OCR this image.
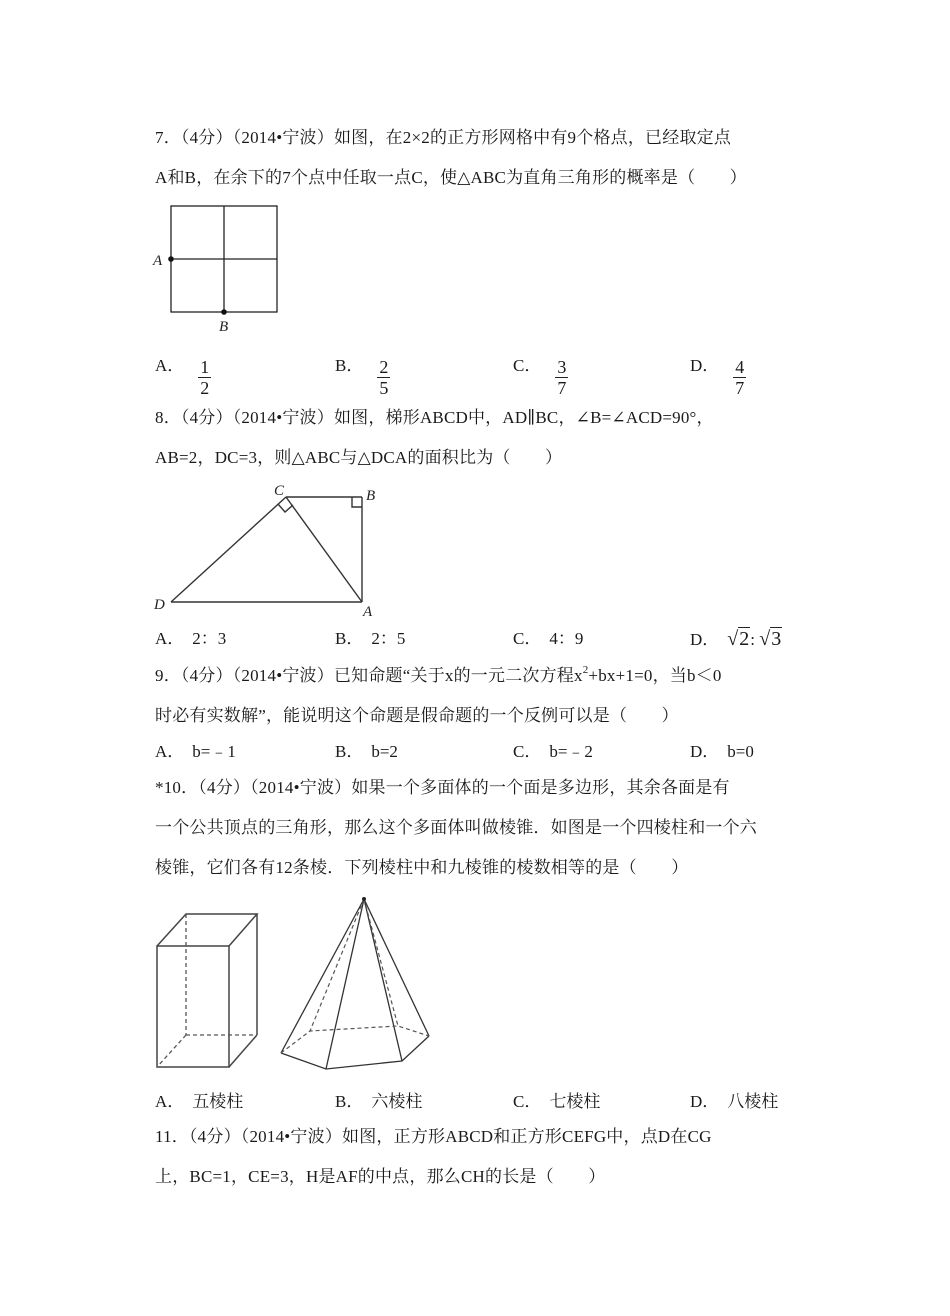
7．（4分）（2014•宁波）如图，在2×2的正方形网格中有9个格点，已经取定点
A和B，在余下的7个点中任取一点C，使△ABC为直角三角形的概率是（　　）
A
B
A． $\frac{1}{2}$	B． $\frac{2}{5}$	C． $\frac{3}{7}$	D． $\frac{4}{7}$
8．（4分）（2014•宁波）如图，梯形ABCD中，AD∥BC，∠B=∠ACD=90°，
AB=2，DC=3，则△ABC与△DCA的面积比为（　　）
C	B
D	A
A． 2：3	B． 2：5	C． 4：9	D． √2: √3
9．（4分）（2014•宁波）已知命题“关于x的一元二次方程$x^2+bx+1=0$，当b＜0
时必有实数解”，能说明这个命题是假命题的一个反例可以是（　　）
A． b=﹣1	B． b=2	C． b=﹣2	D． b=0
*10．（4分）（2014•宁波）如果一个多面体的一个面是多边形，其余各面是有
一个公共顶点的三角形，那么这个多面体叫做棱锥．如图是一个四棱柱和一个六
棱锥，它们各有12条棱．下列棱柱中和九棱锥的棱数相等的是（　　）
A． 五棱柱	B． 六棱柱	C． 七棱柱	D． 八棱柱
11．（4分）（2014•宁波）如图，正方形ABCD和正方形CEFG中，点D在CG
上，BC=1，CE=3，H是AF的中点，那么CH的长是（　　）
